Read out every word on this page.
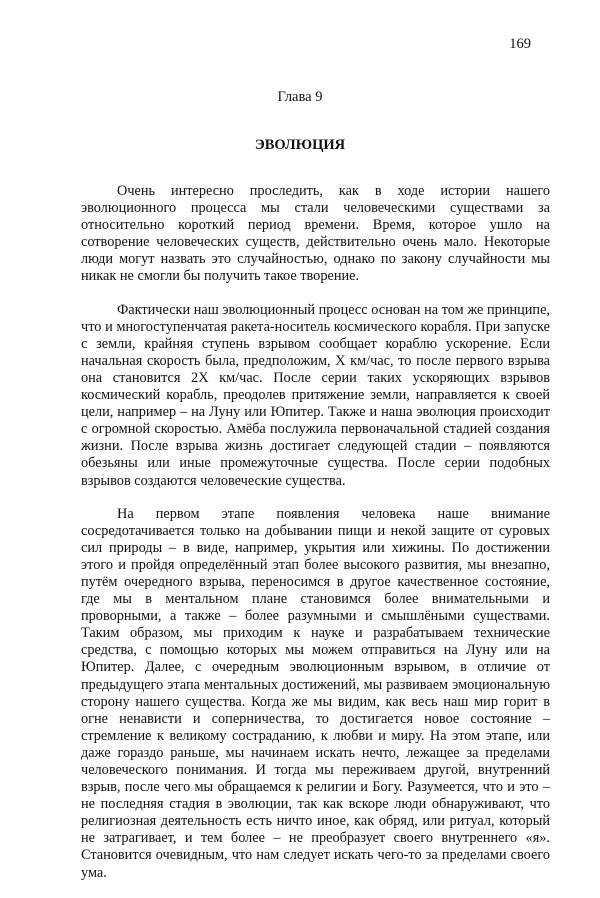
169
Глава 9
ЭВОЛЮЦИЯ

Очень интересно проследить, как в ходе истории нашего эволюционного процесса мы стали человеческими существами за относительно короткий период времени. Время, которое ушло на сотворение человеческих существ, действительно очень мало. Некоторые люди могут назвать это случайностью, однако по закону случайности мы никак не смогли бы получить такое творение.

Фактически наш эволюционный процесс основан на том же принципе, что и многоступенчатая ракета-носитель космического корабля. При запуске с земли, крайняя ступень взрывом сообщает кораблю ускорение. Если начальная скорость была, предположим, X км/час, то после первого взрыва она становится 2X км/час. После серии таких ускоряющих взрывов космический корабль, преодолев притяжение земли, направляется к своей цели, например – на Луну или Юпитер. Также и наша эволюция происходит с огромной скоростью. Амёба послужила первоначальной стадией создания жизни. После взрыва жизнь достигает следующей стадии – появляются обезьяны или иные промежуточные существа. После серии подобных взрывов создаются человеческие существа.

На первом этапе появления человека наше внимание сосредотачивается только на добывании пищи и некой защите от суровых сил природы – в виде, например, укрытия или хижины. По достижении этого и пройдя определённый этап более высокого развития, мы внезапно, путём очередного взрыва, переносимся в другое качественное состояние, где мы в ментальном плане становимся более внимательными и проворными, а также – более разумными и смышлёными существами. Таким образом, мы приходим к науке и разрабатываем технические средства, с помощью которых мы можем отправиться на Луну или на Юпитер. Далее, с очередным эволюционным взрывом, в отличие от предыдущего этапа ментальных достижений, мы развиваем эмоциональную сторону нашего существа. Когда же мы видим, как весь наш мир горит в огне ненависти и соперничества, то достигается новое состояние – стремление к великому состраданию, к любви и миру. На этом этапе, или даже гораздо раньше, мы начинаем искать нечто, лежащее за пределами человеческого понимания. И тогда мы переживаем другой, внутренний взрыв, после чего мы обращаемся к религии и Богу. Разумеется, что и это – не последняя стадия в эволюции, так как вскоре люди обнаруживают, что религиозная деятельность есть ничто иное, как обряд, или ритуал, который не затрагивает, и тем более – не преобразует своего внутреннего «я». Становится очевидным, что нам следует искать чего-то за пределами своего ума.
